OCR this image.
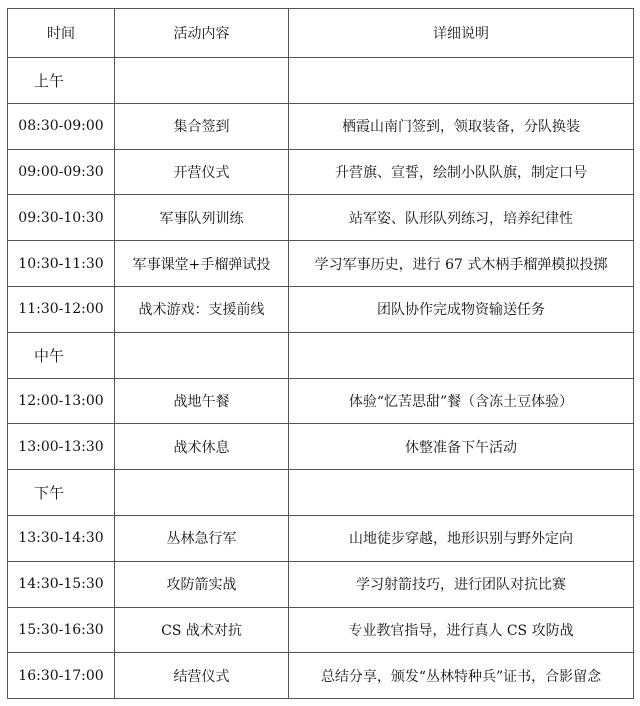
时间	活动内容	详细说明
上午		
08:30-09:00	集合签到	栖霞山南门签到，领取装备，分队换装
09:00-09:30	开营仪式	升营旗、宣誓，绘制小队队旗，制定口号
09:30-10:30	军事队列训练	站军姿、队形队列练习，培养纪律性
10:30-11:30	军事课堂+手榴弹试投	学习军事历史，进行 67 式木柄手榴弹模拟投掷
11:30-12:00	战术游戏：支援前线	团队协作完成物资输送任务
中午		
12:00-13:00	战地午餐	体验“忆苦思甜”餐（含冻土豆体验）
13:00-13:30	战术休息	休整准备下午活动
下午		
13:30-14:30	丛林急行军	山地徒步穿越，地形识别与野外定向
14:30-15:30	攻防箭实战	学习射箭技巧，进行团队对抗比赛
15:30-16:30	CS 战术对抗	专业教官指导，进行真人 CS 攻防战
16:30-17:00	结营仪式	总结分享，颁发“丛林特种兵”证书，合影留念
